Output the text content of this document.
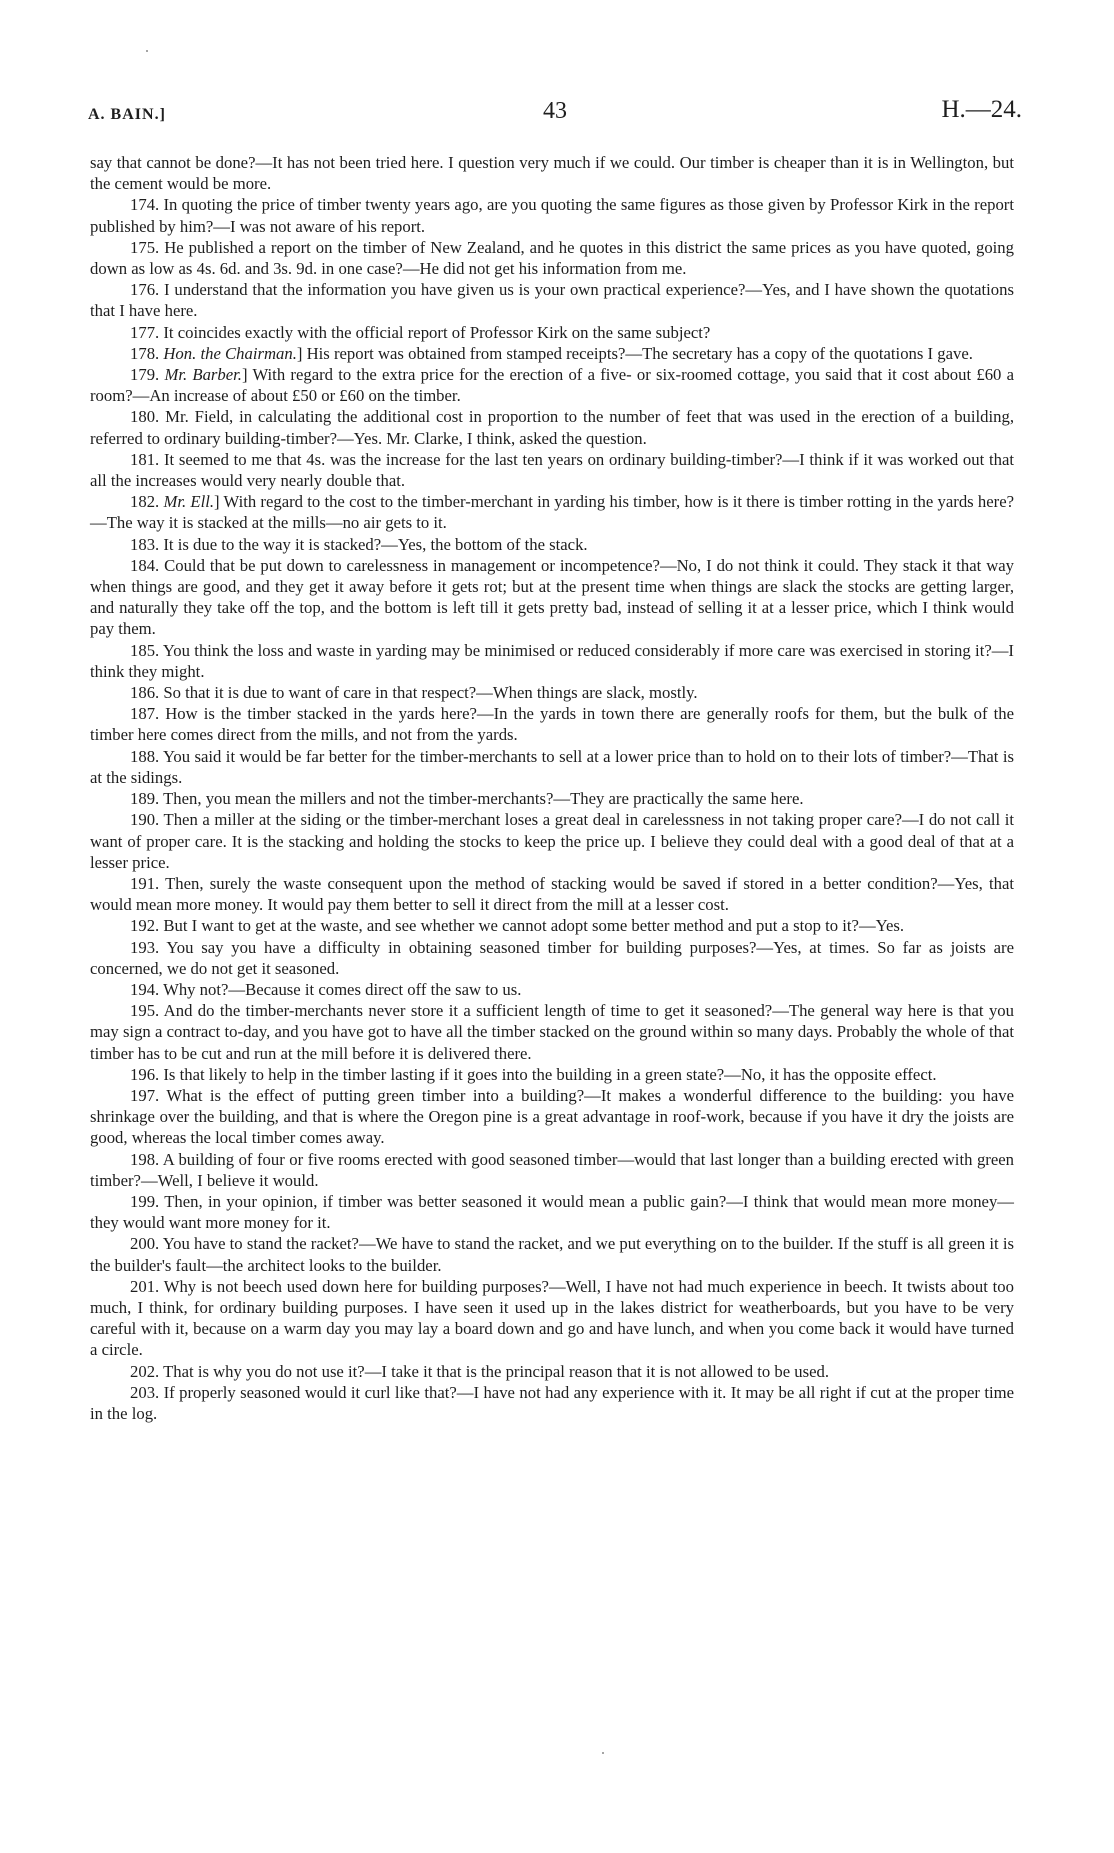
A. BAIN.]	43	H.—24.

say that cannot be done?—It has not been tried here. I question very much if we could. Our timber is cheaper than it is in Wellington, but the cement would be more.

174. In quoting the price of timber twenty years ago, are you quoting the same figures as those given by Professor Kirk in the report published by him?—I was not aware of his report.

175. He published a report on the timber of New Zealand, and he quotes in this district the same prices as you have quoted, going down as low as 4s. 6d. and 3s. 9d. in one case?—He did not get his information from me.

176. I understand that the information you have given us is your own practical experience?—Yes, and I have shown the quotations that I have here.

177. It coincides exactly with the official report of Professor Kirk on the same subject?

178. Hon. the Chairman.] His report was obtained from stamped receipts?—The secretary has a copy of the quotations I gave.

179. Mr. Barber.] With regard to the extra price for the erection of a five- or six-roomed cottage, you said that it cost about £60 a room?—An increase of about £50 or £60 on the timber.

180. Mr. Field, in calculating the additional cost in proportion to the number of feet that was used in the erection of a building, referred to ordinary building-timber?—Yes. Mr. Clarke, I think, asked the question.

181. It seemed to me that 4s. was the increase for the last ten years on ordinary building-timber?—I think if it was worked out that all the increases would very nearly double that.

182. Mr. Ell.] With regard to the cost to the timber-merchant in yarding his timber, how is it there is timber rotting in the yards here?—The way it is stacked at the mills—no air gets to it.

183. It is due to the way it is stacked?—Yes, the bottom of the stack.

184. Could that be put down to carelessness in management or incompetence?—No, I do not think it could. They stack it that way when things are good, and they get it away before it gets rot; but at the present time when things are slack the stocks are getting larger, and naturally they take off the top, and the bottom is left till it gets pretty bad, instead of selling it at a lesser price, which I think would pay them.

185. You think the loss and waste in yarding may be minimised or reduced considerably if more care was exercised in storing it?—I think they might.

186. So that it is due to want of care in that respect?—When things are slack, mostly.

187. How is the timber stacked in the yards here?—In the yards in town there are generally roofs for them, but the bulk of the timber here comes direct from the mills, and not from the yards.

188. You said it would be far better for the timber-merchants to sell at a lower price than to hold on to their lots of timber?—That is at the sidings.

189. Then, you mean the millers and not the timber-merchants?—They are practically the same here.

190. Then a miller at the siding or the timber-merchant loses a great deal in carelessness in not taking proper care?—I do not call it want of proper care. It is the stacking and holding the stocks to keep the price up. I believe they could deal with a good deal of that at a lesser price.

191. Then, surely the waste consequent upon the method of stacking would be saved if stored in a better condition?—Yes, that would mean more money. It would pay them better to sell it direct from the mill at a lesser cost.

192. But I want to get at the waste, and see whether we cannot adopt some better method and put a stop to it?—Yes.

193. You say you have a difficulty in obtaining seasoned timber for building purposes?—Yes, at times. So far as joists are concerned, we do not get it seasoned.

194. Why not?—Because it comes direct off the saw to us.

195. And do the timber-merchants never store it a sufficient length of time to get it seasoned?—The general way here is that you may sign a contract to-day, and you have got to have all the timber stacked on the ground within so many days. Probably the whole of that timber has to be cut and run at the mill before it is delivered there.

196. Is that likely to help in the timber lasting if it goes into the building in a green state?—No, it has the opposite effect.

197. What is the effect of putting green timber into a building?—It makes a wonderful difference to the building: you have shrinkage over the building, and that is where the Oregon pine is a great advantage in roof-work, because if you have it dry the joists are good, whereas the local timber comes away.

198. A building of four or five rooms erected with good seasoned timber—would that last longer than a building erected with green timber?—Well, I believe it would.

199. Then, in your opinion, if timber was better seasoned it would mean a public gain?—I think that would mean more money—they would want more money for it.

200. You have to stand the racket?—We have to stand the racket, and we put everything on to the builder. If the stuff is all green it is the builder's fault—the architect looks to the builder.

201. Why is not beech used down here for building purposes?—Well, I have not had much experience in beech. It twists about too much, I think, for ordinary building purposes. I have seen it used up in the lakes district for weatherboards, but you have to be very careful with it, because on a warm day you may lay a board down and go and have lunch, and when you come back it would have turned a circle.

202. That is why you do not use it?—I take it that is the principal reason that it is not allowed to be used.

203. If properly seasoned would it curl like that?—I have not had any experience with it. It may be all right if cut at the proper time in the log.
